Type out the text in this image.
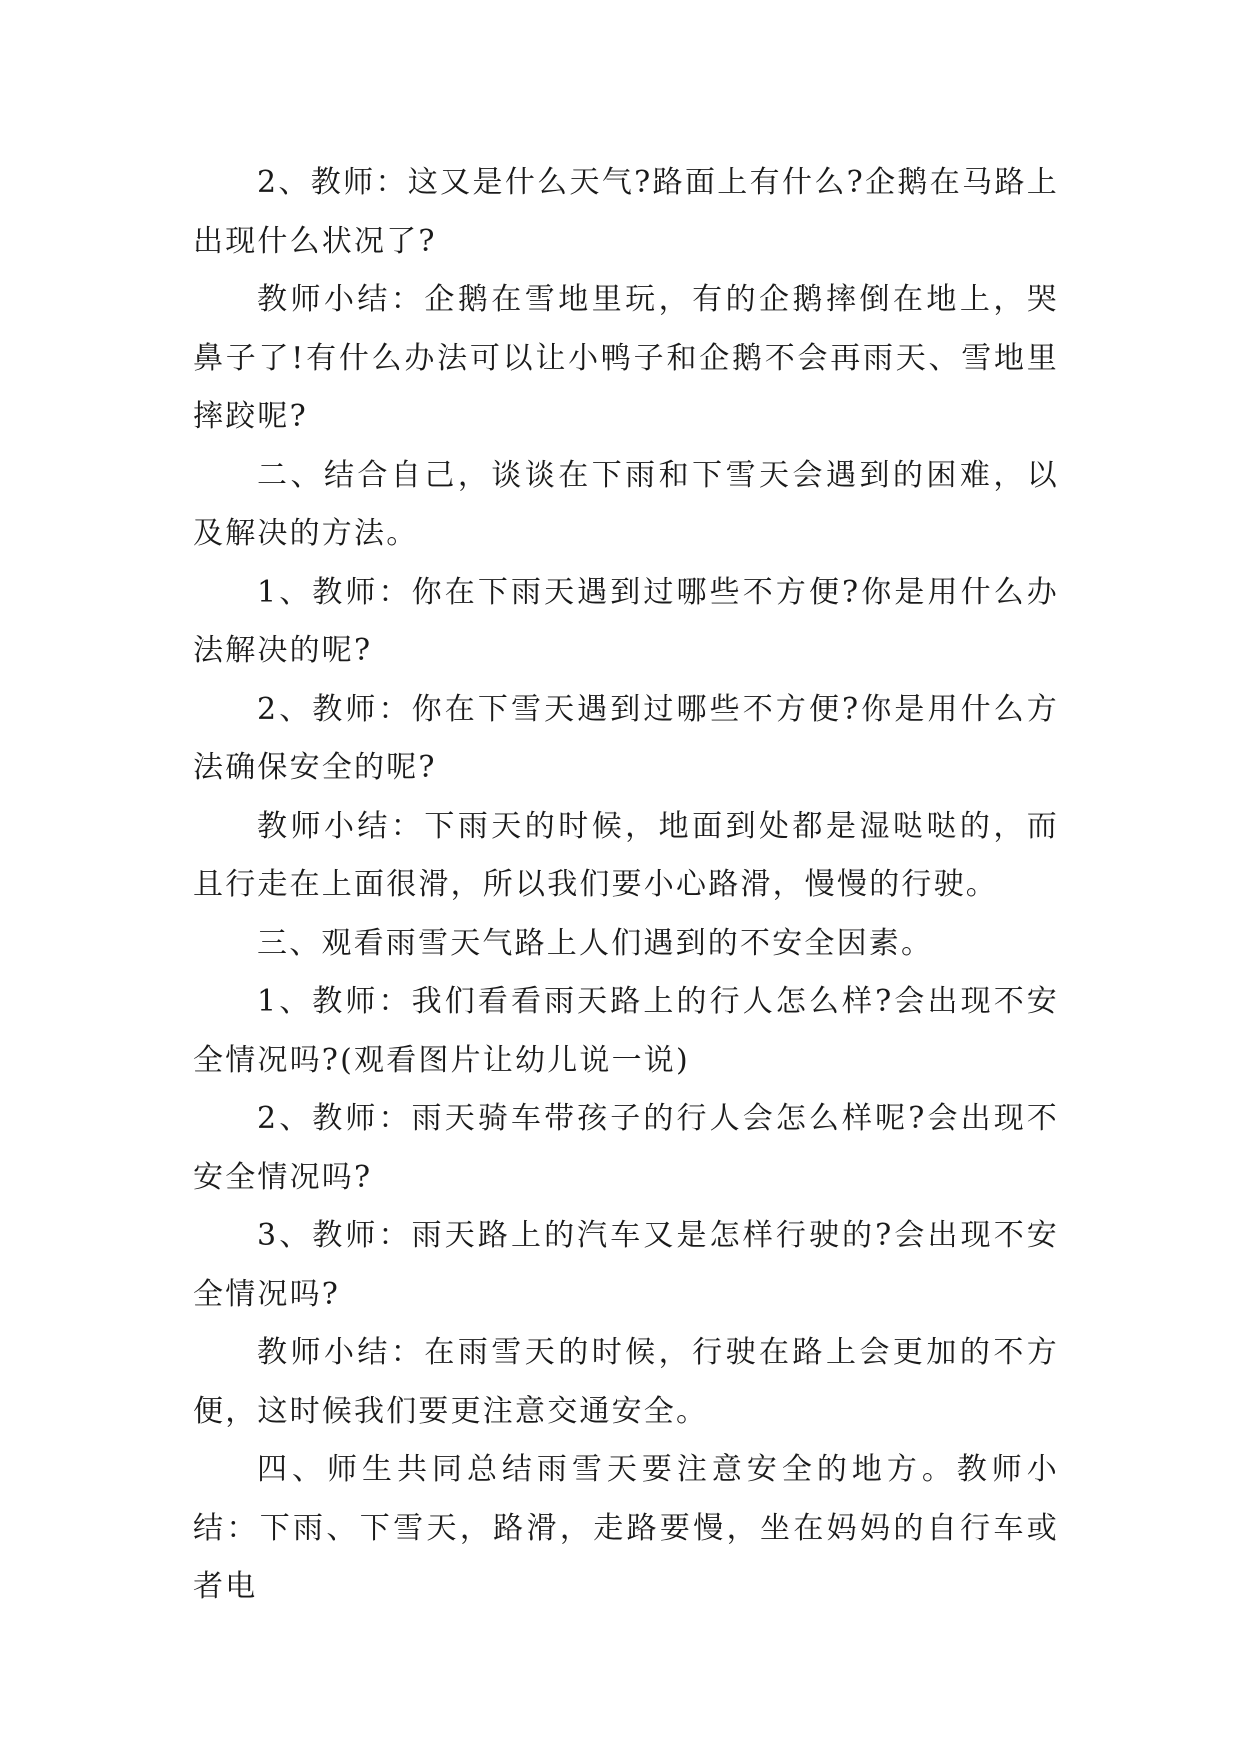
2、教师：这又是什么天气?路面上有什么?企鹅在马路上出现什么状况了?

教师小结：企鹅在雪地里玩，有的企鹅摔倒在地上，哭鼻子了!有什么办法可以让小鸭子和企鹅不会再雨天、雪地里摔跤呢?

二、结合自己，谈谈在下雨和下雪天会遇到的困难，以及解决的方法。

1、教师：你在下雨天遇到过哪些不方便?你是用什么办法解决的呢?

2、教师：你在下雪天遇到过哪些不方便?你是用什么方法确保安全的呢?

教师小结：下雨天的时候，地面到处都是湿哒哒的，而且行走在上面很滑，所以我们要小心路滑，慢慢的行驶。

三、观看雨雪天气路上人们遇到的不安全因素。

1、教师：我们看看雨天路上的行人怎么样?会出现不安全情况吗?(观看图片让幼儿说一说)

2、教师：雨天骑车带孩子的行人会怎么样呢?会出现不安全情况吗?

3、教师：雨天路上的汽车又是怎样行驶的?会出现不安全情况吗?

教师小结：在雨雪天的时候，行驶在路上会更加的不方便，这时候我们要更注意交通安全。

四、师生共同总结雨雪天要注意安全的地方。教师小结：下雨、下雪天，路滑，走路要慢，坐在妈妈的自行车或者电
